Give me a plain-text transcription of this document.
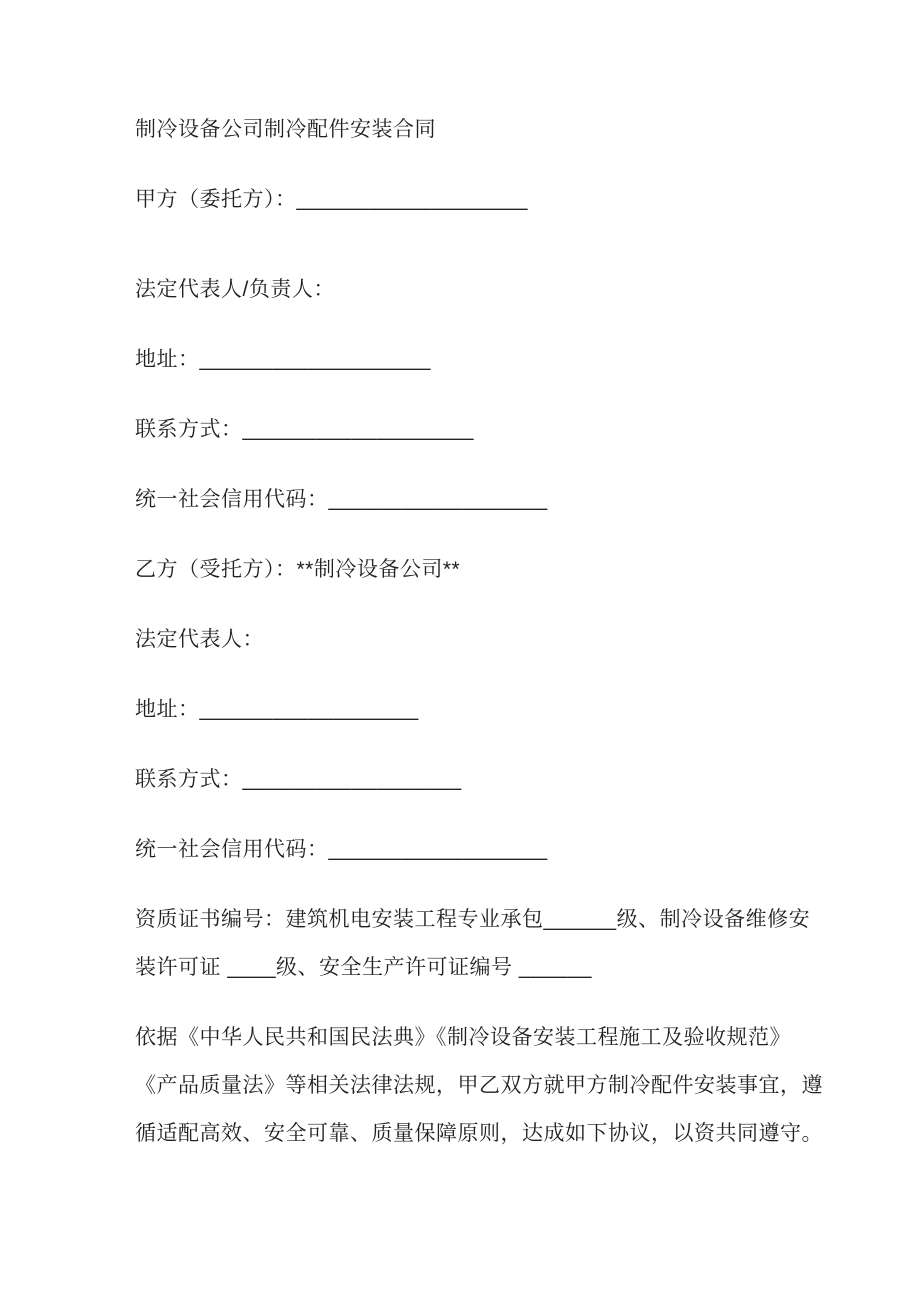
制冷设备公司制冷配件安装合同
甲方（委托方）：___________________
法定代表人/负责人：
地址：___________________
联系方式：___________________
统一社会信用代码：__________________
乙方（受托方）：**制冷设备公司**
法定代表人：
地址：__________________
联系方式：__________________
统一社会信用代码：__________________
资质证书编号：建筑机电安装工程专业承包______级、制冷设备维修安
装许可证 ____级、安全生产许可证编号 ______
依据《中华人民共和国民法典》《制冷设备安装工程施工及验收规范》
《产品质量法》等相关法律法规，甲乙双方就甲方制冷配件安装事宜，遵
循适配高效、安全可靠、质量保障原则，达成如下协议，以资共同遵守。
